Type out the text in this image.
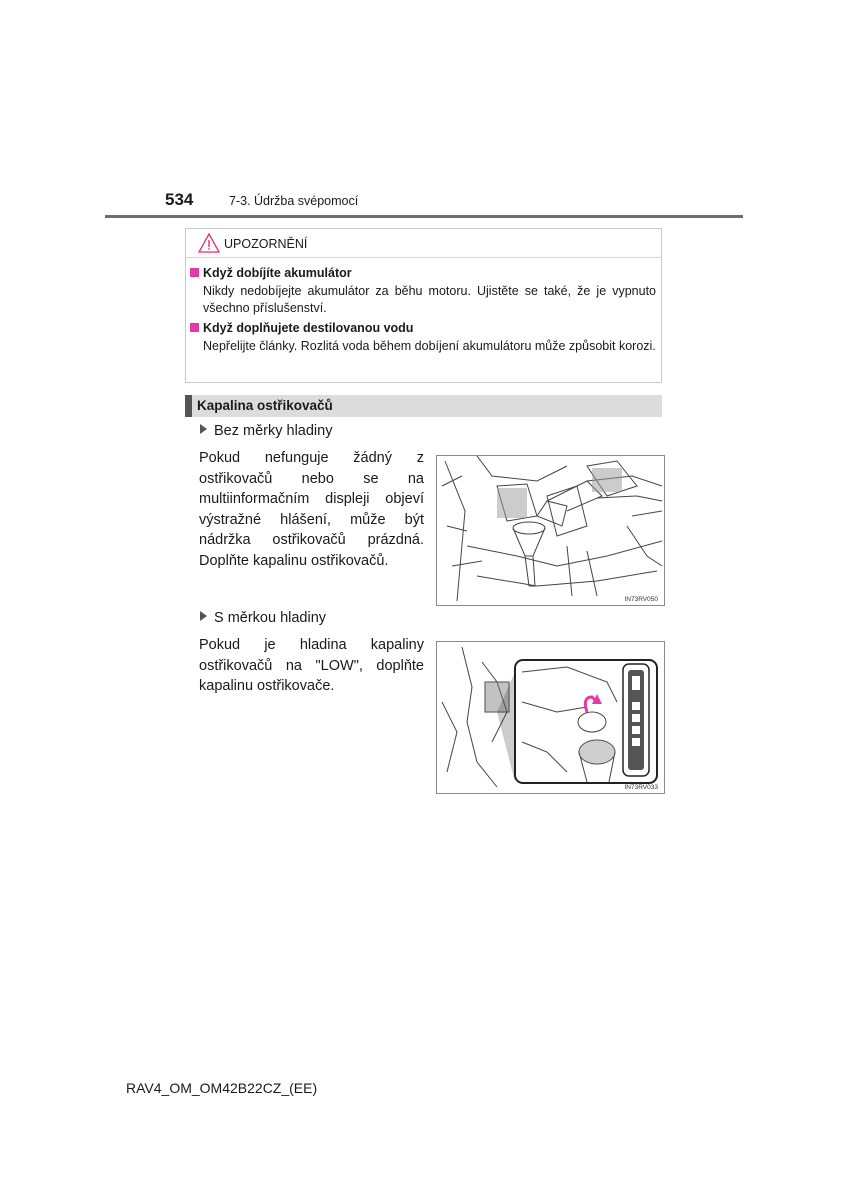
534	7-3. Údržba svépomocí
UPOZORNĚNÍ
Když dobíjíte akumulátor
Nikdy nedobíjejte akumulátor za běhu motoru. Ujistěte se také, že je vypnuto všechno příslušenství.
Když doplňujete destilovanou vodu
Nepřelijte články. Rozlitá voda během dobíjení akumulátoru může způsobit korozi.
Kapalina ostřikovačů
Bez měrky hladiny
Pokud nefunguje žádný z ostřikovačů nebo se na multiinformačním displeji objeví výstražné hlášení, může být nádržka ostřikovačů prázdná. Doplňte kapalinu ostřikovačů.
IN73RV050
S měrkou hladiny
Pokud je hladina kapaliny ostřikovačů na "LOW", doplňte kapalinu ostřikovače.
IN73RV033
RAV4_OM_OM42B22CZ_(EE)
